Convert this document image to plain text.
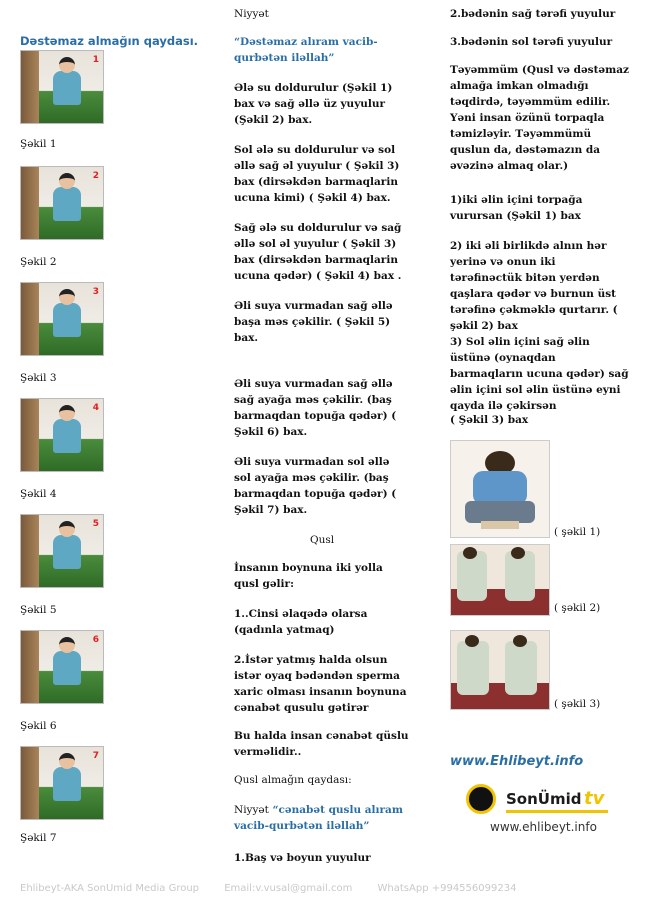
Dəstəmaz almağın qaydası.
1
Şəkil 1
2
Şəkil 2
3
Şəkil 3
4
Şəkil 4
5
Şəkil 5
6
Şəkil 6
7
Şəkil 7

Niyyət

“Dəstəmaz alıram vacib-qurbətən iləllah”

Ələ su doldurulur (Şəkil 1) bax və sağ əllə üz yuyulur (Şəkil 2) bax.

Sol ələ su doldurulur və sol əllə sağ əl yuyulur ( Şəkil 3) bax (dirsəkdən barmaqlarin ucuna kimi) ( Şəkil 4) bax.

Sağ ələ su doldurulur və sağ əllə sol əl yuyulur ( Şəkil 3) bax (dirsəkdən barmaqlarin ucuna qədər) ( Şəkil 4) bax .

Əli suya vurmadan sağ əllə başa məs çəkilir. ( Şəkil 5) bax.

Əli suya vurmadan sağ əllə sağ ayağa məs çəkilir. (baş barmaqdan topuğa qədər) ( Şəkil 6) bax.

Əli suya vurmadan sol əllə sol ayağa məs çəkilir. (baş barmaqdan topuğa qədər) ( Şəkil 7) bax.

Qusl

İnsanın boynuna iki yolla qusl gəlir:

1..Cinsi əlaqədə olarsa (qadınla yatmaq)

2.İstər yatmış halda olsun istər oyaq bədəndən sperma xaric olması insanın boynuna cənabət qusulu gətirər

Bu halda insan cənabət qüslu verməlidir..

Qusl almağın qaydası:

Niyyət “cənabət quslu alıram vacib-qurbətən iləllah”

1.Baş və boyun yuyulur

2.bədənin sağ tərəfi yuyulur

3.bədənin sol tərəfi yuyulur

Təyəmmüm (Qusl və dəstəmaz almağa imkan olmadığı təqdirdə, təyəmmüm edilir. Yəni insan özünü torpaqla təmizləyir. Təyəmmümü quslun da, dəstəmazın da əvəzinə almaq olar.)

1)iki əlin içini torpağa vurursan (Şəkil 1) bax

2) iki əli birlikdə alnın hər yerinə və onun iki tərəfinəctük bitən yerdən qaşlara qədər və burnun üst tərəfinə çəkməklə qurtarır. ( şəkil 2) bax

3) Sol əlin içini sağ əlin üstünə (oynaqdan barmaqların ucuna qədər) sağ əlin içini sol əlin üstünə eyni qayda ilə çəkirsən

( Şəkil 3) bax

( şəkil 1)
( şəkil 2)
( şəkil 3)
www.Ehlibeyt.info
SonÜmid tv
www.ehlibeyt.info
Ehlibeyt-AKA SonUmid Media Group	Email:v.vusal@gmail.com	WhatsApp +994556099234
